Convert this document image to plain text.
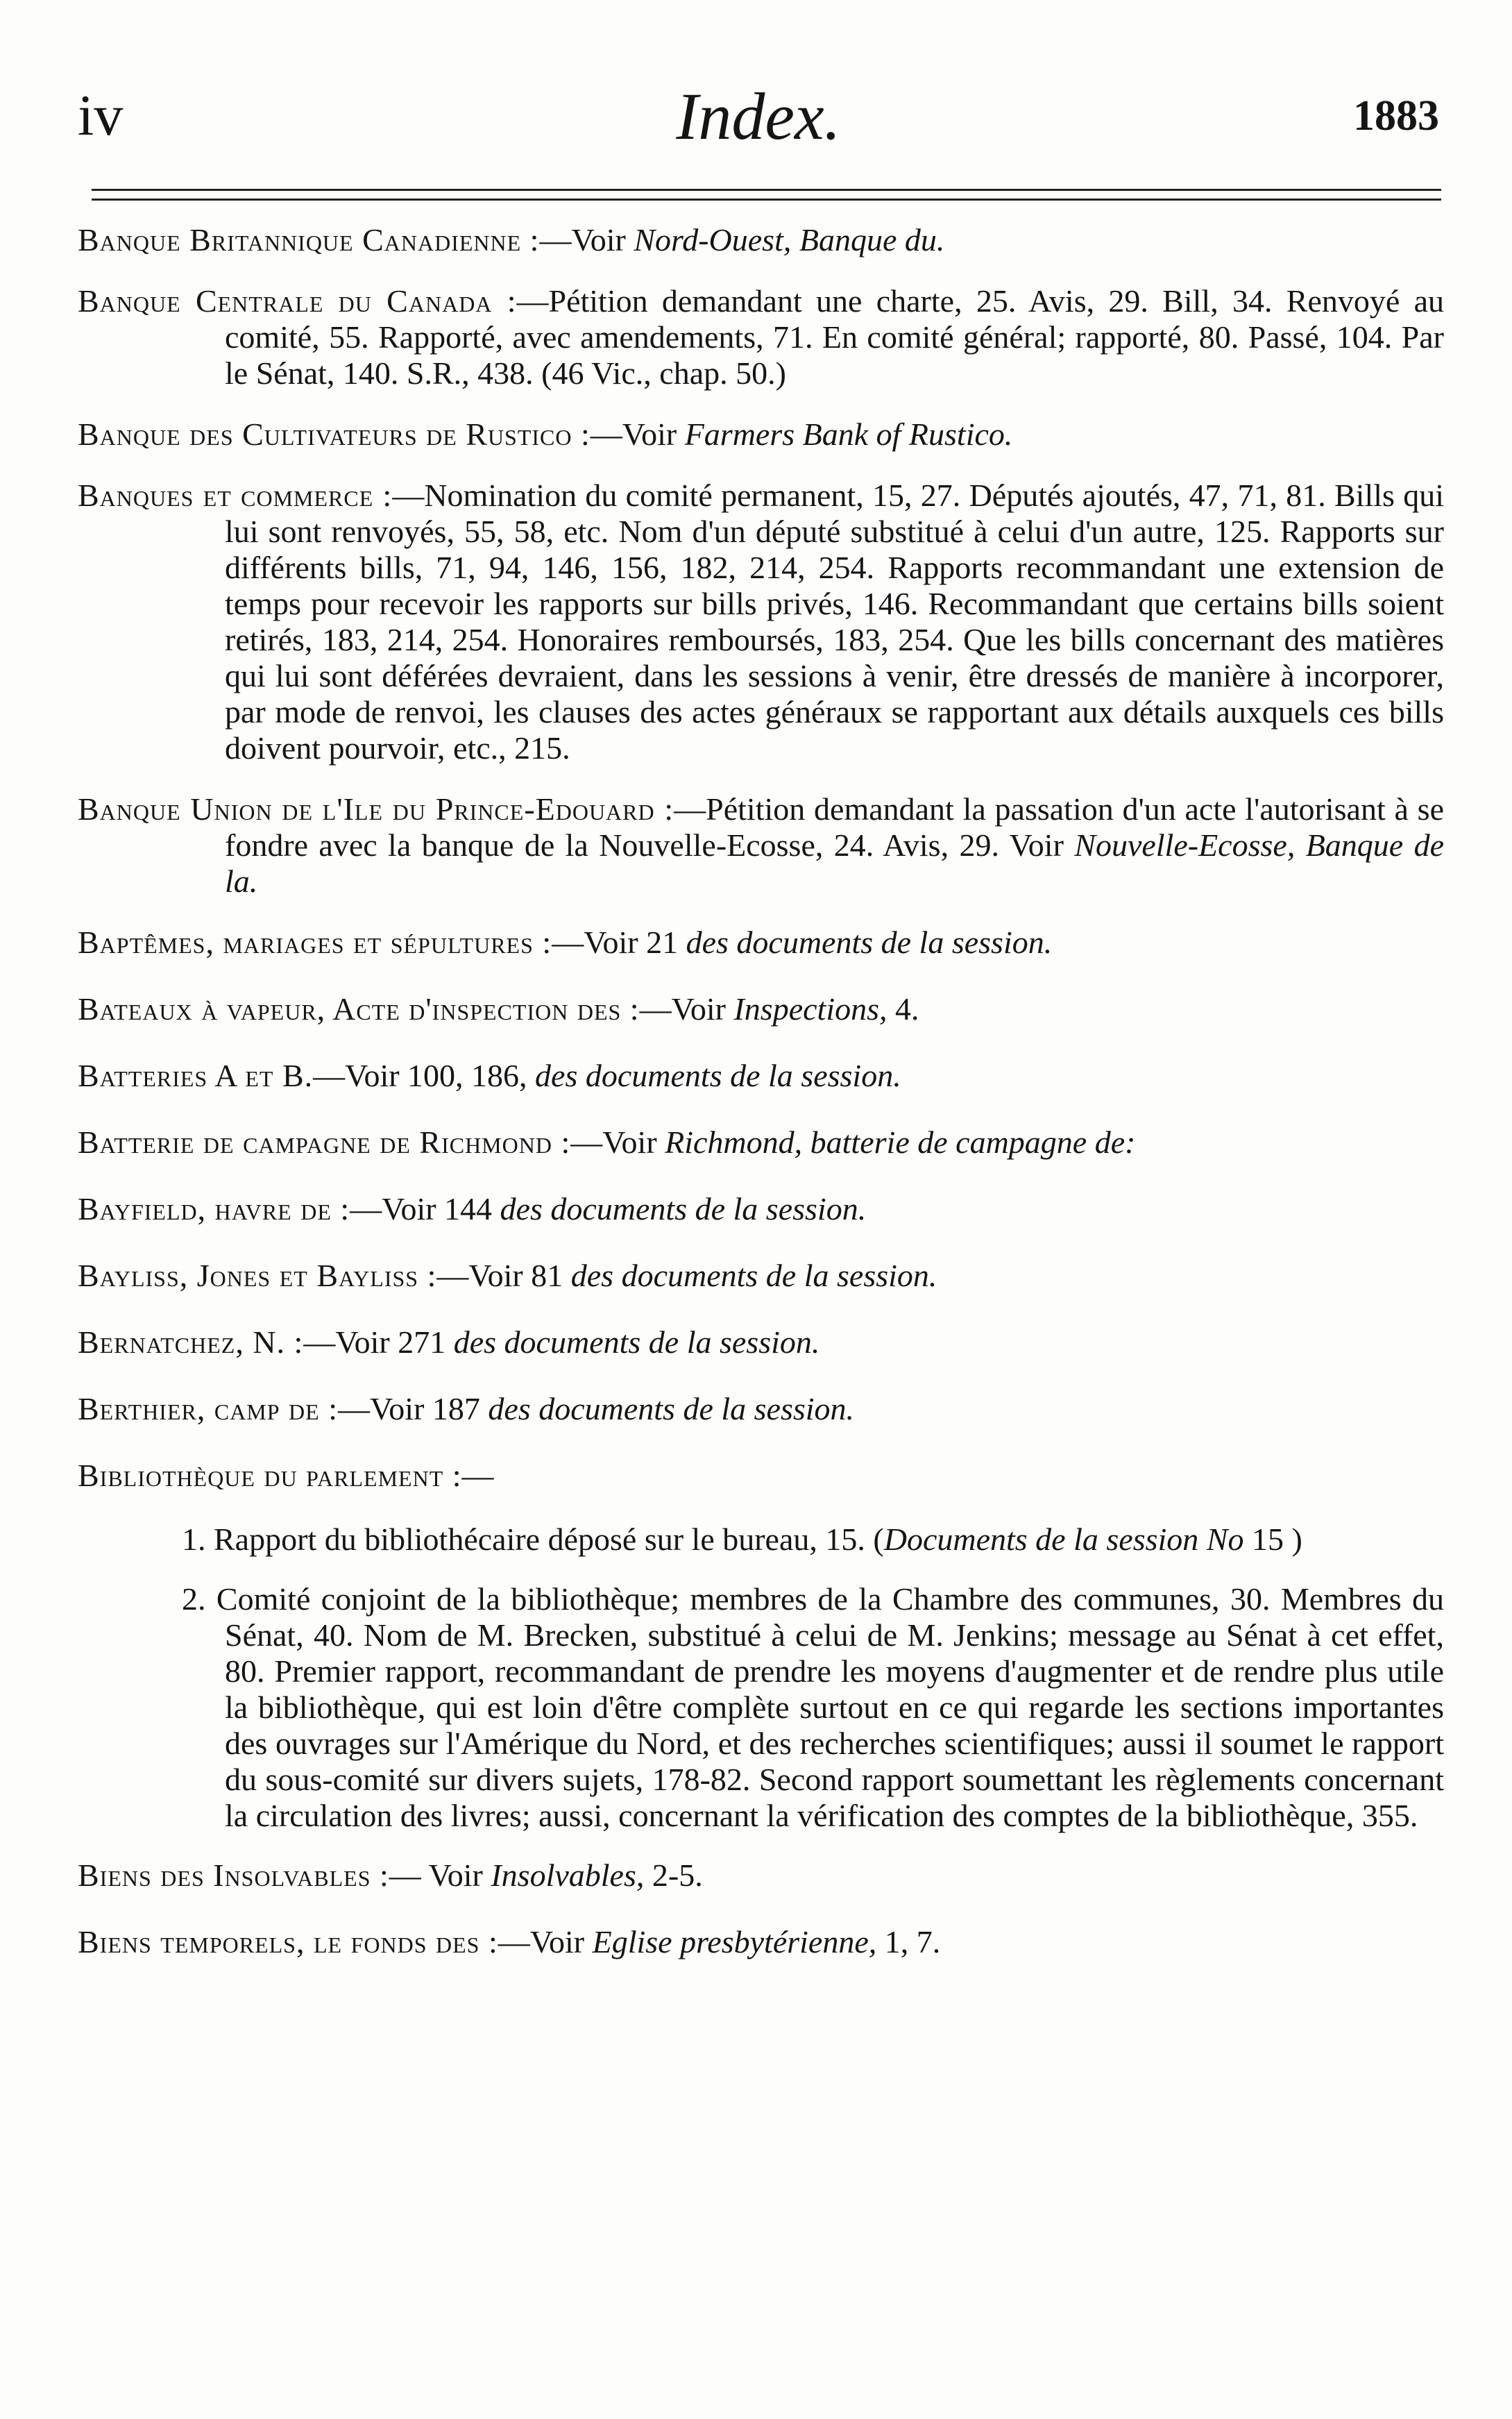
iv	Index.	1883

Banque Britannique Canadienne :—Voir Nord-Ouest, Banque du.

Banque Centrale du Canada :—Pétition demandant une charte, 25. Avis, 29. Bill, 34. Renvoyé au comité, 55. Rapporté, avec amendements, 71. En comité général; rapporté, 80. Passé, 104. Par le Sénat, 140. S.R., 438. (46 Vic., chap. 50.)

Banque des Cultivateurs de Rustico :—Voir Farmers Bank of Rustico.

Banques et commerce :—Nomination du comité permanent, 15, 27. Députés ajoutés, 47, 71, 81. Bills qui lui sont renvoyés, 55, 58, etc. Nom d'un député substitué à celui d'un autre, 125. Rapports sur différents bills, 71, 94, 146, 156, 182, 214, 254. Rapports recommandant une extension de temps pour recevoir les rapports sur bills privés, 146. Recommandant que certains bills soient retirés, 183, 214, 254. Honoraires remboursés, 183, 254. Que les bills concernant des matières qui lui sont déférées devraient, dans les sessions à venir, être dressés de manière à incorporer, par mode de renvoi, les clauses des actes généraux se rapportant aux détails auxquels ces bills doivent pourvoir, etc., 215.

Banque Union de l'Ile du Prince-Edouard :—Pétition demandant la passation d'un acte l'autorisant à se fondre avec la banque de la Nouvelle-Ecosse, 24. Avis, 29. Voir Nouvelle-Ecosse, Banque de la.

Baptêmes, mariages et sépultures :—Voir 21 des documents de la session.

Bateaux à vapeur, Acte d'inspection des :—Voir Inspections, 4.

Batteries A et B.—Voir 100, 186, des documents de la session.

Batterie de campagne de Richmond :—Voir Richmond, batterie de campagne de:

Bayfield, havre de :—Voir 144 des documents de la session.

Bayliss, Jones et Bayliss :—Voir 81 des documents de la session.

Bernatchez, N. :—Voir 271 des documents de la session.

Berthier, camp de :—Voir 187 des documents de la session.

Bibliothèque du parlement :—

1. Rapport du bibliothécaire déposé sur le bureau, 15. (Documents de la session No 15 )

2. Comité conjoint de la bibliothèque; membres de la Chambre des communes, 30. Membres du Sénat, 40. Nom de M. Brecken, substitué à celui de M. Jenkins; message au Sénat à cet effet, 80. Premier rapport, recommandant de prendre les moyens d'augmenter et de rendre plus utile la bibliothèque, qui est loin d'être complète surtout en ce qui regarde les sections importantes des ouvrages sur l'Amérique du Nord, et des recherches scientifiques; aussi il soumet le rapport du sous-comité sur divers sujets, 178-82. Second rapport soumettant les règlements concernant la circulation des livres; aussi, concernant la vérification des comptes de la bibliothèque, 355.

Biens des Insolvables :— Voir Insolvables, 2-5.

Biens temporels, le fonds des :—Voir Eglise presbytérienne, 1, 7.
